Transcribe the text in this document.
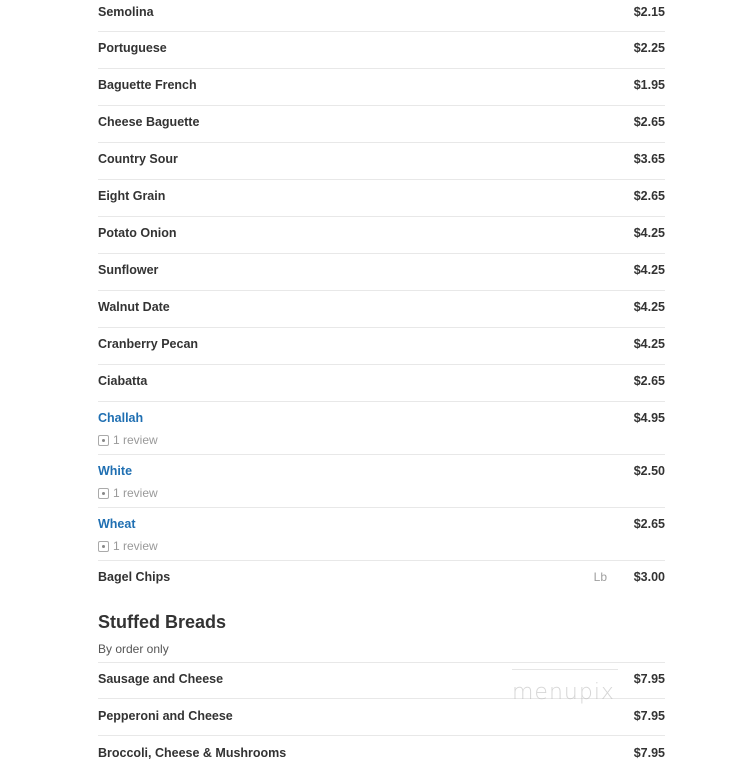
Semolina	$2.15
Portuguese	$2.25
Baguette French	$1.95
Cheese Baguette	$2.65
Country Sour	$3.65
Eight Grain	$2.65
Potato Onion	$4.25
Sunflower	$4.25
Walnut Date	$4.25
Cranberry Pecan	$4.25
Ciabatta	$2.65
Challah	$4.95
1 review
White	$2.50
1 review
Wheat	$2.65
1 review
Bagel Chips	Lb $3.00
Stuffed Breads
By order only
Sausage and Cheese	$7.95
Pepperoni and Cheese	$7.95
Broccoli, Cheese & Mushrooms	$7.95
menupix
